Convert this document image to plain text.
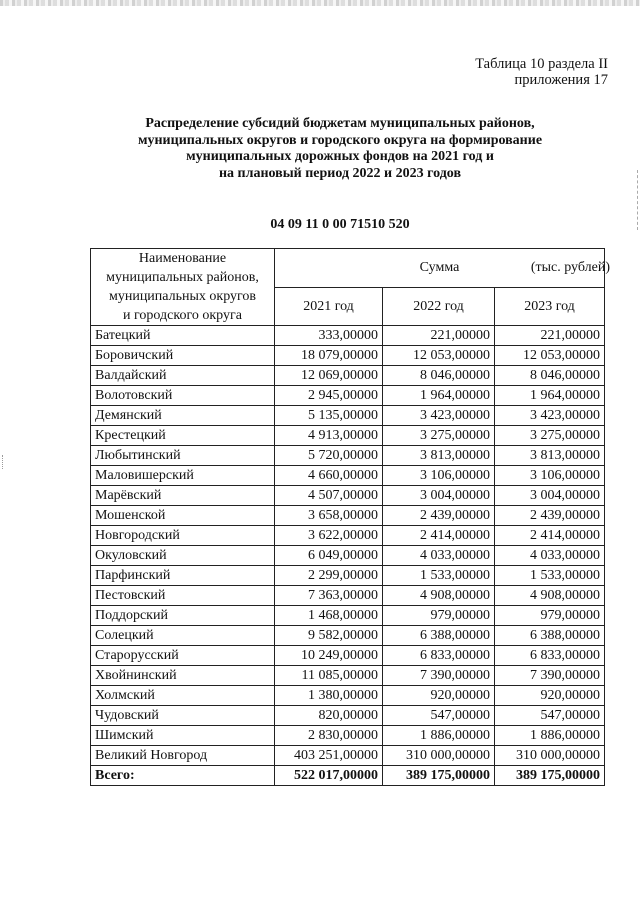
Таблица 10 раздела II
приложения 17
Распределение субсидий бюджетам муниципальных районов,
муниципальных округов и городского округа на формирование
муниципальных дорожных фондов на 2021 год и
на плановый период 2022 и 2023 годов
04 09 11 0 00 71510 520
Наименование
муниципальных районов,
муниципальных округов
и городского округа	Сумма		
	2021 год	2022 год	2023 год
Батецкий	333,00000	221,00000	221,00000
Боровичский	18 079,00000	12 053,00000	12 053,00000
Валдайский	12 069,00000	8 046,00000	8 046,00000
Волотовский	2 945,00000	1 964,00000	1 964,00000
Демянский	5 135,00000	3 423,00000	3 423,00000
Крестецкий	4 913,00000	3 275,00000	3 275,00000
Любытинский	5 720,00000	3 813,00000	3 813,00000
Маловишерский	4 660,00000	3 106,00000	3 106,00000
Марёвский	4 507,00000	3 004,00000	3 004,00000
Мошенской	3 658,00000	2 439,00000	2 439,00000
Новгородский	3 622,00000	2 414,00000	2 414,00000
Окуловский	6 049,00000	4 033,00000	4 033,00000
Парфинский	2 299,00000	1 533,00000	1 533,00000
Пестовский	7 363,00000	4 908,00000	4 908,00000
Поддорский	1 468,00000	979,00000	979,00000
Солецкий	9 582,00000	6 388,00000	6 388,00000
Старорусский	10 249,00000	6 833,00000	6 833,00000
Хвойнинский	11 085,00000	7 390,00000	7 390,00000
Холмский	1 380,00000	920,00000	920,00000
Чудовский	820,00000	547,00000	547,00000
Шимский	2 830,00000	1 886,00000	1 886,00000
Великий Новгород	403 251,00000	310 000,00000	310 000,00000
Всего:	522 017,00000	389 175,00000	389 175,00000
(тыс. рублей)
